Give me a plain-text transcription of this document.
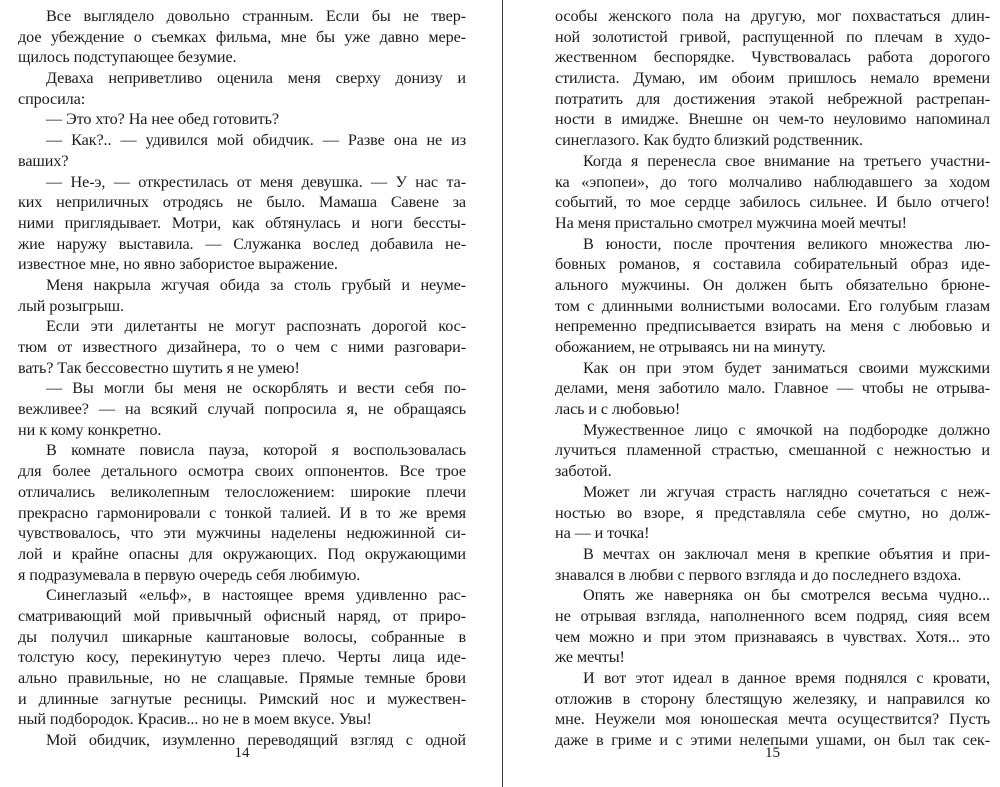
Все выглядело довольно странным. Если бы не твер-
дое убеждение о съемках фильма, мне бы уже давно мере-
щилось подступающее безумие.
Деваха неприветливо оценила меня сверху донизу и
спросила:
— Это хто? На нее обед готовить?
— Как?.. — удивился мой обидчик. — Разве она не из
ваших?
— Не-э, — открестилась от меня девушка. — У нас та-
ких неприличных отродясь не было. Мамаша Савене за
ними приглядывает. Мотри, как обтянулась и ноги бессты-
жие наружу выставила. — Служанка вослед добавила не-
известное мне, но явно забористое выражение.
Меня накрыла жгучая обида за столь грубый и неуме-
лый розыгрыш.
Если эти дилетанты не могут распознать дорогой кос-
тюм от известного дизайнера, то о чем с ними разговари-
вать? Так бессовестно шутить я не умею!
— Вы могли бы меня не оскорблять и вести себя по-
вежливее? — на всякий случай попросила я, не обращаясь
ни к кому конкретно.
В комнате повисла пауза, которой я воспользовалась
для более детального осмотра своих оппонентов. Все трое
отличались великолепным телосложением: широкие плечи
прекрасно гармонировали с тонкой талией. И в то же время
чувствовалось, что эти мужчины наделены недюжинной си-
лой и крайне опасны для окружающих. Под окружающими
я подразумевала в первую очередь себя любимую.
Синеглазый «ельф», в настоящее время удивленно рас-
сматривающий мой привычный офисный наряд, от приро-
ды получил шикарные каштановые волосы, собранные в
толстую косу, перекинутую через плечо. Черты лица иде-
ально правильные, но не слащавые. Прямые темные брови
и длинные загнутые ресницы. Римский нос и мужествен-
ный подбородок. Красив... но не в моем вкусе. Увы!
Мой обидчик, изумленно переводящий взгляд с одной
14
особы женского пола на другую, мог похвастаться длин-
ной золотистой гривой, распущенной по плечам в худо-
жественном беспорядке. Чувствовалась работа дорогого
стилиста. Думаю, им обоим пришлось немало времени
потратить для достижения этакой небрежной растрепан-
ности в имидже. Внешне он чем-то неуловимо напоминал
синеглазого. Как будто близкий родственник.
Когда я перенесла свое внимание на третьего участни-
ка «эпопеи», до того молчаливо наблюдавшего за ходом
событий, то мое сердце забилось сильнее. И было отчего!
На меня пристально смотрел мужчина моей мечты!
В юности, после прочтения великого множества лю-
бовных романов, я составила собирательный образ иде-
ального мужчины. Он должен быть обязательно брюне-
том с длинными волнистыми волосами. Его голубым глазам
непременно предписывается взирать на меня с любовью и
обожанием, не отрываясь ни на минуту.
Как он при этом будет заниматься своими мужскими
делами, меня заботило мало. Главное — чтобы не отрыва-
лась и с любовью!
Мужественное лицо с ямочкой на подбородке должно
лучиться пламенной страстью, смешанной с нежностью и
заботой.
Может ли жгучая страсть наглядно сочетаться с неж-
ностью во взоре, я представляла себе смутно, но долж-
на — и точка!
В мечтах он заключал меня в крепкие объятия и при-
знавался в любви с первого взгляда и до последнего вздоха.
Опять же наверняка он бы смотрелся весьма чудно...
не отрывая взгляда, наполненного всем подряд, сияя всем
чем можно и при этом признаваясь в чувствах. Хотя... это
же мечты!
И вот этот идеал в данное время поднялся с кровати,
отложив в сторону блестящую железяку, и направился ко
мне. Неужели моя юношеская мечта осуществится? Пусть
даже в гриме и с этими нелепыми ушами, он был так сек-
15
